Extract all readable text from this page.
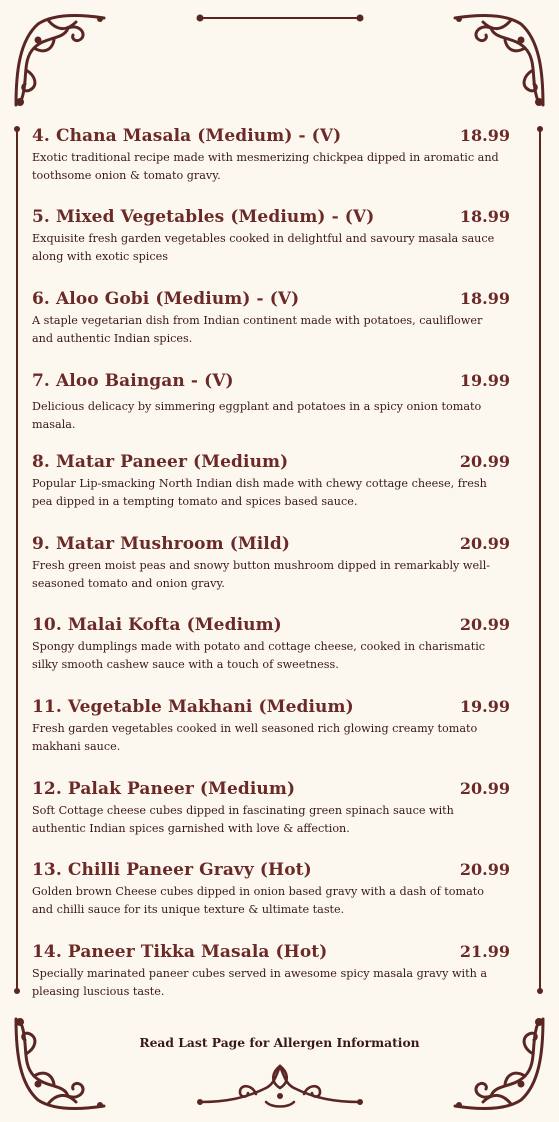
4. Chana Masala (Medium) - (V)	18.99
Exotic traditional recipe made with mesmerizing chickpea dipped in aromatic and toothsome onion & tomato gravy.
5. Mixed Vegetables (Medium) - (V)	18.99
Exquisite fresh garden vegetables cooked in delightful and savoury masala sauce along with exotic spices
6. Aloo Gobi (Medium) - (V)	18.99
A staple vegetarian dish from Indian continent made with potatoes, cauliflower and authentic Indian spices.
7. Aloo Baingan - (V)	19.99
Delicious delicacy by simmering eggplant and potatoes in a spicy onion tomato masala.
8. Matar Paneer (Medium)	20.99
Popular Lip-smacking North Indian dish made with chewy cottage cheese, fresh pea dipped in a tempting tomato and spices based sauce.
9. Matar Mushroom (Mild)	20.99
Fresh green moist peas and snowy button mushroom dipped in remarkably well-seasoned tomato and onion gravy.
10. Malai Kofta (Medium)	20.99
Spongy dumplings made with potato and cottage cheese, cooked in charismatic silky smooth cashew sauce with a touch of sweetness.
11. Vegetable Makhani (Medium)	19.99
Fresh garden vegetables cooked in well seasoned rich glowing creamy tomato makhani sauce.
12. Palak Paneer (Medium)	20.99
Soft Cottage cheese cubes dipped in fascinating green spinach sauce with authentic Indian spices garnished with love & affection.
13. Chilli Paneer Gravy (Hot)	20.99
Golden brown Cheese cubes dipped in onion based gravy with a dash of tomato and chilli sauce for its unique texture & ultimate taste.
14. Paneer Tikka Masala (Hot)	21.99
Specially marinated paneer cubes served in awesome spicy masala gravy with a pleasing luscious taste.
Read Last Page for Allergen Information
